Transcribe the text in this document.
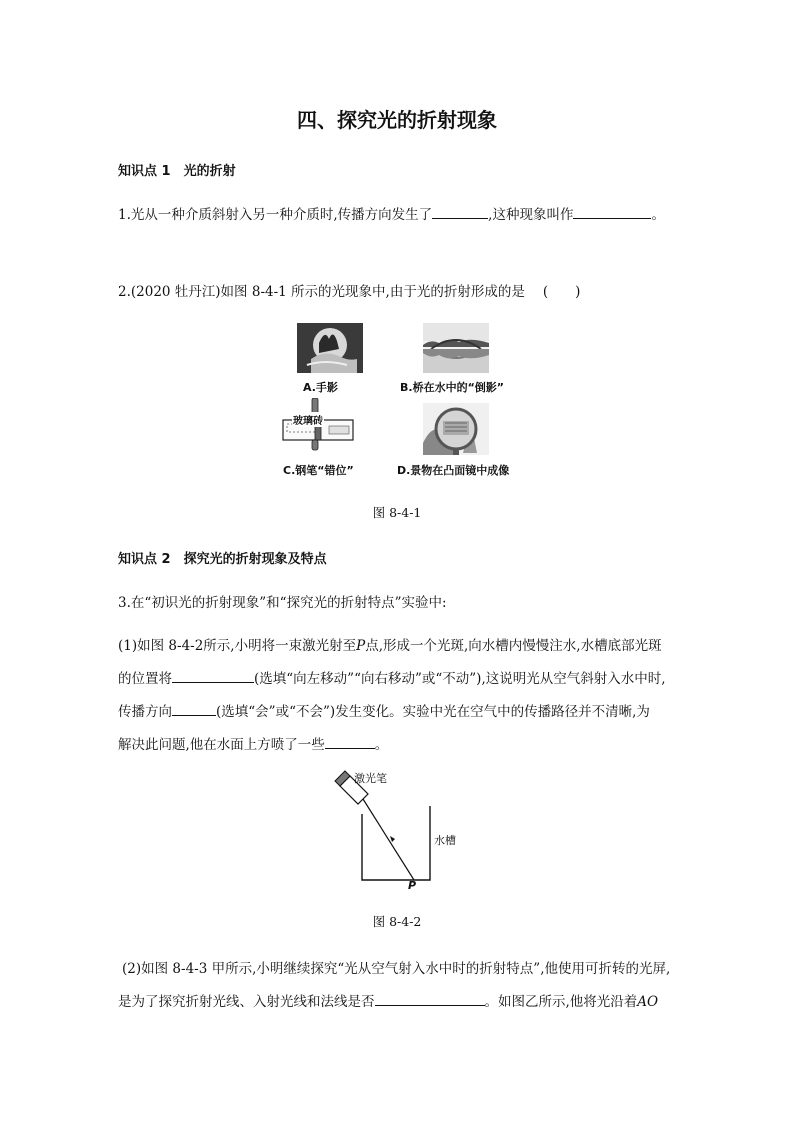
四、探究光的折射现象
知识点 1　光的折射
1.光从一种介质斜射入另一种介质时,传播方向发生了	,这种现象叫作	。
2.(2020 牡丹江)如图 8-4-1 所示的光现象中,由于光的折射形成的是 (　　)
A.手影	B.桥在水中的“倒影”
玻璃砖
C.钢笔“错位”	D.景物在凸面镜中成像
图 8-4-1
知识点 2　探究光的折射现象及特点
3.在“初识光的折射现象”和“探究光的折射特点”实验中:
(1)如图 8-4-2所示,小明将一束激光射至P点,形成一个光斑,向水槽内慢慢注水,水槽底部光斑
的位置将	(选填“向左移动”“向右移动”或“不动”),这说明光从空气斜射入水中时,
传播方向	(选填“会”或“不会”)发生变化。实验中光在空气中的传播路径并不清晰,为
解决此问题,他在水面上方喷了一些	。
激光笔
水槽
P
图 8-4-2
(2)如图 8-4-3 甲所示,小明继续探究“光从空气射入水中时的折射特点”,他使用可折转的光屏,
是为了探究折射光线、入射光线和法线是否	。如图乙所示,他将光沿着AO
